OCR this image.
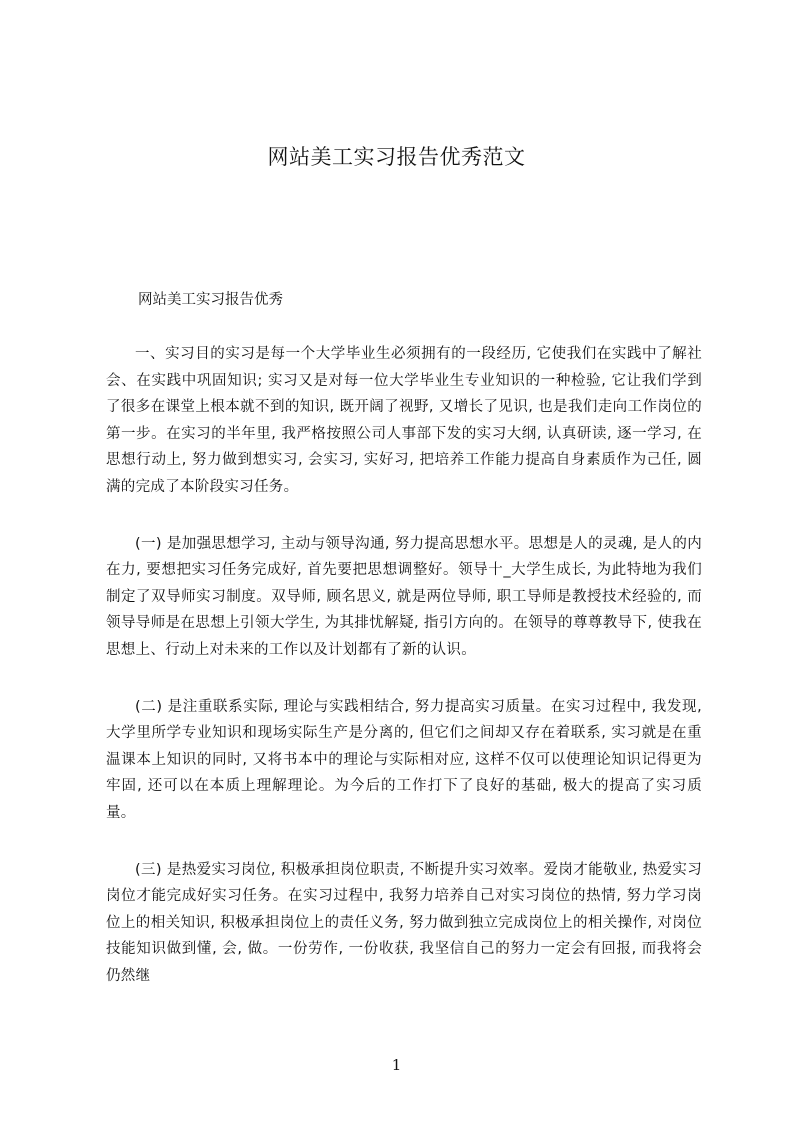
网站美工实习报告优秀范文

网站美工实习报告优秀

一、实习目的实习是每一个大学毕业生必须拥有的一段经历, 它使我们在实践中了解社会、在实践中巩固知识; 实习又是对每一位大学毕业生专业知识的一种检验, 它让我们学到了很多在课堂上根本就不到的知识, 既开阔了视野, 又增长了见识, 也是我们走向工作岗位的第一步。在实习的半年里, 我严格按照公司人事部下发的实习大纲, 认真研读, 逐一学习, 在思想行动上, 努力做到想实习, 会实习, 实好习, 把培养工作能力提高自身素质作为己任, 圆满的完成了本阶段实习任务。

(一) 是加强思想学习, 主动与领导沟通, 努力提高思想水平。思想是人的灵魂, 是人的内在力, 要想把实习任务完成好, 首先要把思想调整好。领导十_大学生成长, 为此特地为我们制定了双导师实习制度。双导师, 顾名思义, 就是两位导师, 职工导师是教授技术经验的, 而领导导师是在思想上引领大学生, 为其排忧解疑, 指引方向的。在领导的尊尊教导下, 使我在思想上、行动上对未来的工作以及计划都有了新的认识。

(二) 是注重联系实际, 理论与实践相结合, 努力提高实习质量。在实习过程中, 我发现, 大学里所学专业知识和现场实际生产是分离的, 但它们之间却又存在着联系, 实习就是在重温课本上知识的同时, 又将书本中的理论与实际相对应, 这样不仅可以使理论知识记得更为牢固, 还可以在本质上理解理论。为今后的工作打下了良好的基础, 极大的提高了实习质量。

(三) 是热爱实习岗位, 积极承担岗位职责, 不断提升实习效率。爱岗才能敬业, 热爱实习岗位才能完成好实习任务。在实习过程中, 我努力培养自己对实习岗位的热情, 努力学习岗位上的相关知识, 积极承担岗位上的责任义务, 努力做到独立完成岗位上的相关操作, 对岗位技能知识做到懂, 会, 做。一份劳作, 一份收获, 我坚信自己的努力一定会有回报, 而我将会仍然继

1
